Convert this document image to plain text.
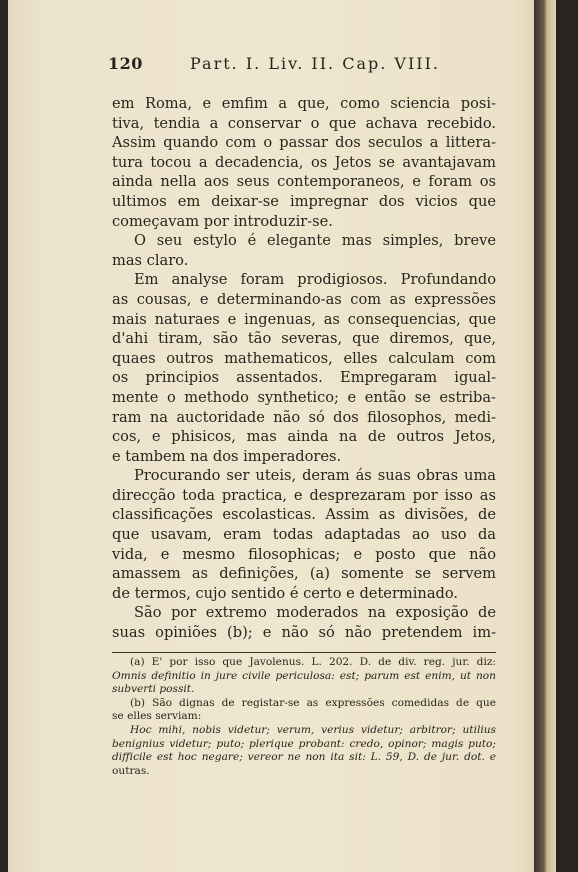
120	Part. I. Liv. II. Cap. VIII.
em Roma, e emfim a que, como sciencia posi-
tiva, tendia a conservar o que achava recebido.
Assim quando com o passar dos seculos a littera-
tura tocou a decadencia, os Jetos se avantajavam
ainda nella aos seus contemporaneos, e foram os
ultimos em deixar-se impregnar dos vicios que
começavam por introduzir-se.
O seu estylo é elegante mas simples, breve
mas claro.
Em analyse foram prodigiosos. Profundando
as cousas, e determinando-as com as expressões
mais naturaes e ingenuas, as consequencias, que
d'ahi tiram, são tão severas, que diremos, que,
quaes outros mathematicos, elles calculam com
os principios assentados. Empregaram igual-
mente o methodo synthetico; e então se estriba-
ram na auctoridade não só dos filosophos, medi-
cos, e phisicos, mas ainda na de outros Jetos,
e tambem na dos imperadores.
Procurando ser uteis, deram ás suas obras uma
direcção toda practica, e desprezaram por isso as
classificações escolasticas. Assim as divisões, de
que usavam, eram todas adaptadas ao uso da
vida, e mesmo filosophicas; e posto que não
amassem as definições, (a) somente se servem
de termos, cujo sentido é certo e determinado.
São por extremo moderados na exposição de
suas opiniões (b); e não só não pretendem im-
(a) E' por isso que Javolenus. L. 202. D. de div. reg. jur. diz:
Omnis definitio in jure civile periculosa: est; parum est enim, ut non
subverti possit.
(b) São dignas de registar-se as expressões comedidas de que
se elles serviam:
Hoc mihi, nobis videtur; verum, verius videtur; arbitror; utilius
benignius videtur; puto; plerique probant: credo, opinor; magis puto;
difficile est hoc negare; vereor ne non ita sit: L. 59, D. de jur. dot. e
outras.
